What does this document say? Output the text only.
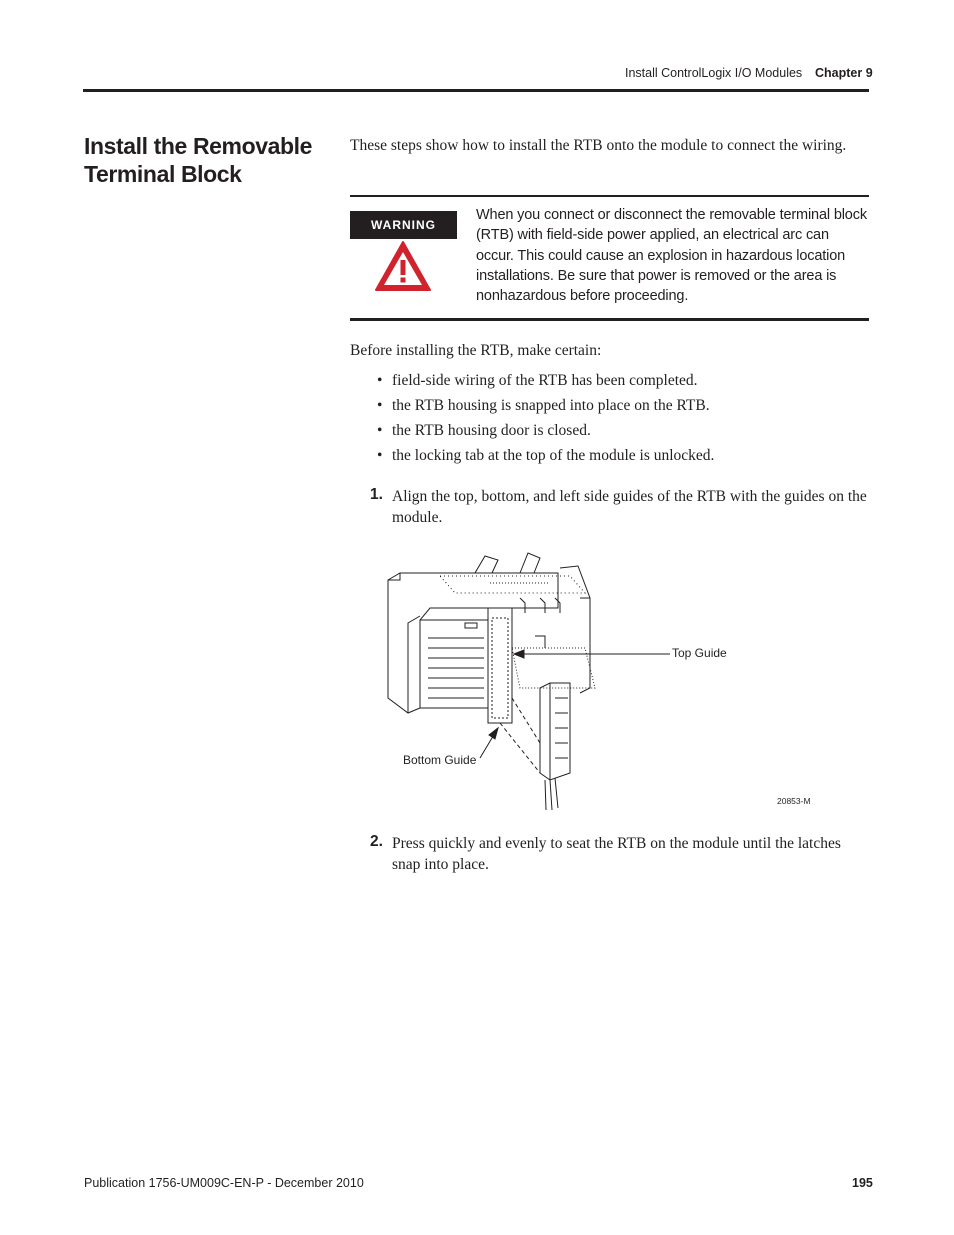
Install ControlLogix I/O Modules Chapter 9
Install the Removable Terminal Block
These steps show how to install the RTB onto the module to connect the wiring.
WARNING
When you connect or disconnect the removable terminal block (RTB) with field-side power applied, an electrical arc can occur. This could cause an explosion in hazardous location installations. Be sure that power is removed or the area is nonhazardous before proceeding.
Before installing the RTB, make certain:
• field-side wiring of the RTB has been completed.
• the RTB housing is snapped into place on the RTB.
• the RTB housing door is closed.
• the locking tab at the top of the module is unlocked.
1. Align the top, bottom, and left side guides of the RTB with the guides on the module.
Top Guide
Bottom Guide
20853-M
2. Press quickly and evenly to seat the RTB on the module until the latches snap into place.
Publication 1756-UM009C-EN-P - December 2010	195
